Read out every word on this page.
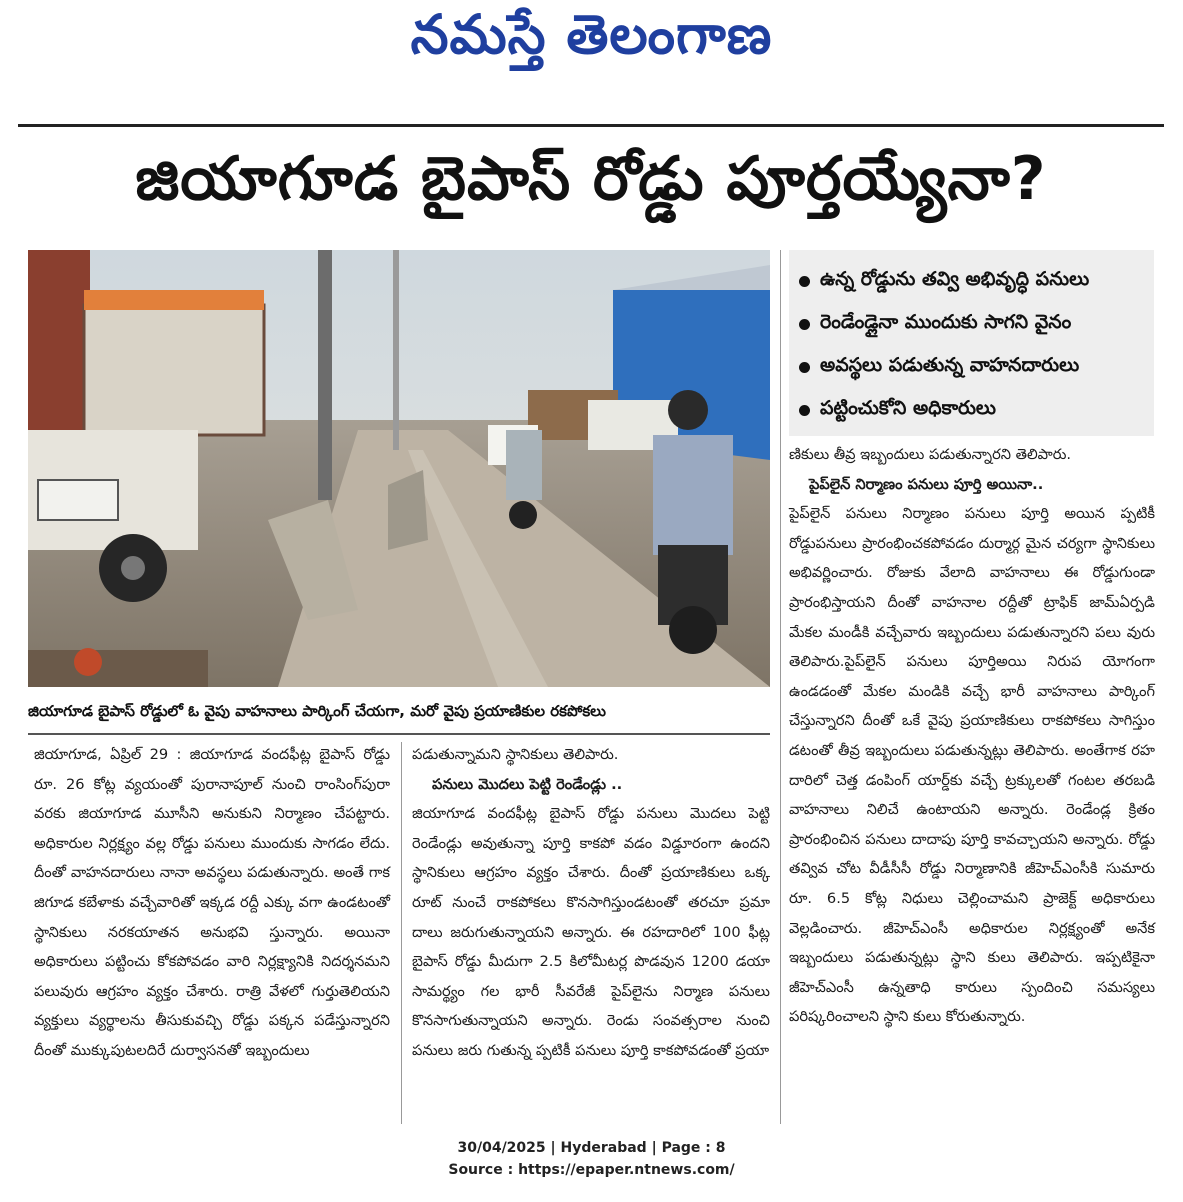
నమస్తే తెలంగాణ
జియాగూడ బైపాస్ రోడ్డు పూర్తయ్యేనా?
జియాగూడ బైపాస్ రోడ్డులో ఓ వైపు వాహనాలు పార్కింగ్ చేయగా, మరో వైపు ప్రయాణికుల రకపోకలు
ఉన్న రోడ్డును తవ్వి అభివృద్ధి పనులు
రెండేండ్లైనా ముందుకు సాగని వైనం
అవస్థలు పడుతున్న వాహనదారులు
పట్టించుకోని అధికారులు

జియాగూడ, ఏప్రిల్ 29 : జియాగూడ వందఫీట్ల బైపాస్ రోడ్డు రూ. 26 కోట్ల వ్యయంతో పురానాపూల్ నుంచి రాంసింగ్‌పురా వరకు జియాగూడ మూసీని అనుకుని నిర్మాణం చేపట్టారు. అధికారుల నిర్లక్ష్యం వల్ల రోడ్డు పనులు ముందుకు సాగడం లేదు. దీంతో వాహనదారులు నానా అవస్థలు పడుతున్నారు. అంతే గాక జిగూడ కబేళాకు వచ్చేవారితో ఇక్కడ రద్దీ ఎక్కు వగా ఉండటంతో స్థానికులు నరకయాతన అనుభవి స్తున్నారు. అయినా అధికారులు పట్టించు కోకపోవడం వారి నిర్లక్ష్యానికి నిదర్శనమని పలువురు ఆగ్రహం వ్యక్తం చేశారు. రాత్రి వేళలో గుర్తుతెలియని వ్యక్తులు వ్యర్థాలను తీసుకువచ్చి రోడ్డు పక్కన పడేస్తున్నారని దీంతో ముక్కుపుటలదిరే దుర్వాసనతో ఇబ్బందులు

పడుతున్నామని స్థానికులు తెలిపారు.

పనులు మొదలు పెట్టి రెండేండ్లు ..

జియాగూడ వందఫీట్ల బైపాస్ రోడ్డు పనులు మొదలు పెట్టి రెండేండ్లు అవుతున్నా పూర్తి కాకపో వడం విడ్డూరంగా ఉందని స్థానికులు ఆగ్రహం వ్యక్తం చేశారు. దీంతో ప్రయాణికులు ఒక్క రూట్ నుంచే రాకపోకలు కొనసాగిస్తుండటంతో తరచూ ప్రమా దాలు జరుగుతున్నాయని అన్నారు. ఈ రహదారిలో 100 ఫీట్ల బైపాస్ రోడ్డు మీదుగా 2.5 కిలోమీటర్ల పొడవున 1200 డయా సామర్థ్యం గల భారీ సీవరేజీ పైప్‌లైను నిర్మాణ పనులు కొనసాగుతున్నాయని అన్నారు. రెండు సంవత్సరాల నుంచి పనులు జరు గుతున్న ప్పటికీ పనులు పూర్తి కాకపోవడంతో ప్రయా

ణికులు తీవ్ర ఇబ్బందులు పడుతున్నారని తెలిపారు.

పైప్‌లైన్ నిర్మాణం పనులు పూర్తి అయినా..

పైప్‌లైన్ పనులు నిర్మాణం పనులు పూర్తి అయిన ప్పటికీ రోడ్డుపనులు ప్రారంభించకపోవడం దుర్మార్గ మైన చర్యగా స్థానికులు అభివర్ణించారు. రోజుకు వేలాది వాహనాలు ఈ రోడ్డుగుండా ప్రారంభిస్తాయని దీంతో వాహనాల రద్దీతో ట్రాఫిక్ జామ్‌ఏర్పడి మేకల మండీకి వచ్చేవారు ఇబ్బందులు పడుతున్నారని పలు వురు తెలిపారు.పైప్‌లైన్ పనులు పూర్తిఅయి నిరుప యోగంగా ఉండడంతో మేకల మండికి వచ్చే భారీ వాహనాలు పార్కింగ్ చేస్తున్నారని దీంతో ఒకే వైపు ప్రయాణికులు రాకపోకలు సాగిస్తుం డటంతో తీవ్ర ఇబ్బందులు పడుతున్నట్లు తెలిపారు. అంతేగాక రహ దారిలో చెత్త డంపింగ్ యార్డ్‌కు వచ్చే ట్రక్కులతో గంటల తరబడి వాహనాలు నిలిచే ఉంటాయని అన్నారు. రెండేండ్ల క్రితం ప్రారంభించిన పనులు దాదాపు పూర్తి కావచ్చాయని అన్నారు. రోడ్డు తవ్వివ చోట వీడీసీసీ రోడ్డు నిర్మాణానికి జీహెచ్‌ఎంసీకి సుమారు రూ. 6.5 కోట్ల నిధులు చెల్లించామని ప్రాజెక్ట్ అధికారులు వెల్లడించారు. జీహెచ్‌ఎంసీ అధికారుల నిర్లక్ష్యంతో అనేక ఇబ్బందులు పడుతున్నట్లు స్థాని కులు తెలిపారు. ఇప్పటికైనా జీహెచ్‌ఎంసీ ఉన్నతాధి కారులు స్పందించి సమస్యలు పరిష్కరించాలని స్థాని కులు కోరుతున్నారు.

30/04/2025 | Hyderabad | Page : 8
Source : https://epaper.ntnews.com/
